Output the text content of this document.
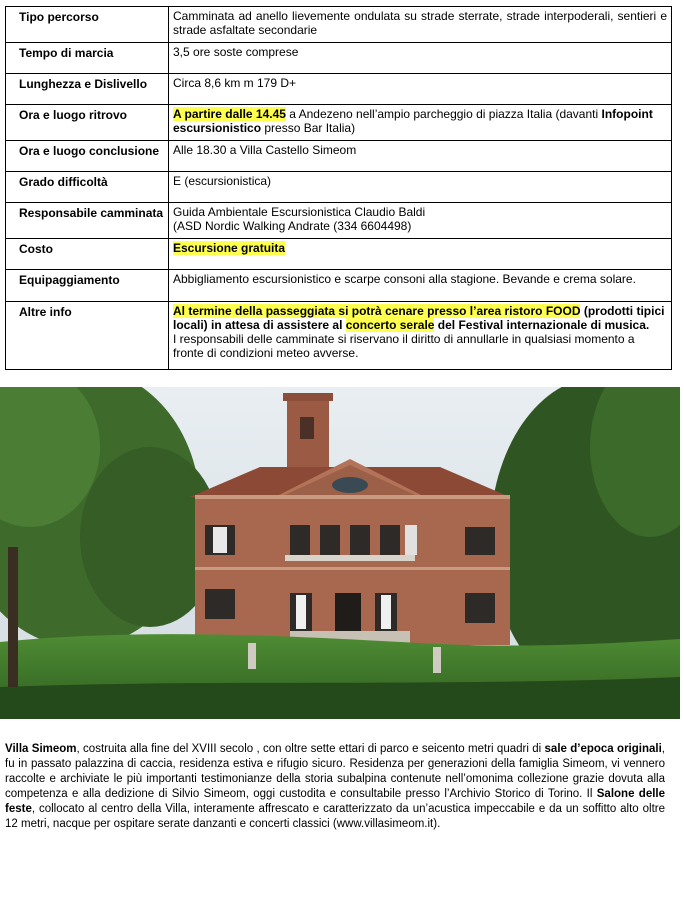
Tipo percorso	Camminata ad anello lievemente ondulata su strade sterrate, strade interpoderali, sentieri e strade asfaltate secondarie
Tempo di marcia	3,5 ore soste comprese
Lunghezza e Dislivello	Circa 8,6 km m 179 D+
Ora e luogo ritrovo	A partire dalle 14.45 a Andezeno nell’ampio parcheggio di piazza Italia (davanti Infopoint escursionistico presso Bar Italia)
Ora e luogo conclusione	Alle 18.30 a Villa Castello Simeom
Grado difficoltà	E (escursionistica)
Responsabile camminata	Guida Ambientale Escursionistica Claudio Baldi
(ASD Nordic Walking Andrate (334 6604498)
Costo	Escursione gratuita
Equipaggiamento	Abbigliamento escursionistico e scarpe consoni alla stagione. Bevande e crema solare.
Altre info	Al termine della passeggiata si potrà cenare presso l’area ristoro FOOD (prodotti tipici locali) in attesa di assistere al concerto serale del Festival internazionale di musica.
I responsabili delle camminate si riservano il diritto di annullarle in qualsiasi momento a fronte di condizioni meteo avverse.
Villa Simeom, costruita alla fine del XVIII secolo , con oltre sette ettari di parco e seicento metri quadri di sale d’epoca originali, fu in passato palazzina di caccia, residenza estiva e rifugio sicuro. Residenza per generazioni della famiglia Simeom, vi vennero raccolte e archiviate le più importanti testimonianze della storia subalpina contenute nell’omonima collezione grazie dovuta alla competenza e alla dedizione di Silvio Simeom, oggi custodita e consultabile presso l’Archivio Storico di Torino. Il Salone delle feste, collocato al centro della Villa, interamente affrescato e caratterizzato da un’acustica impeccabile e da un soffitto alto oltre 12 metri, nacque per ospitare serate danzanti e concerti classici (www.villasimeom.it).
